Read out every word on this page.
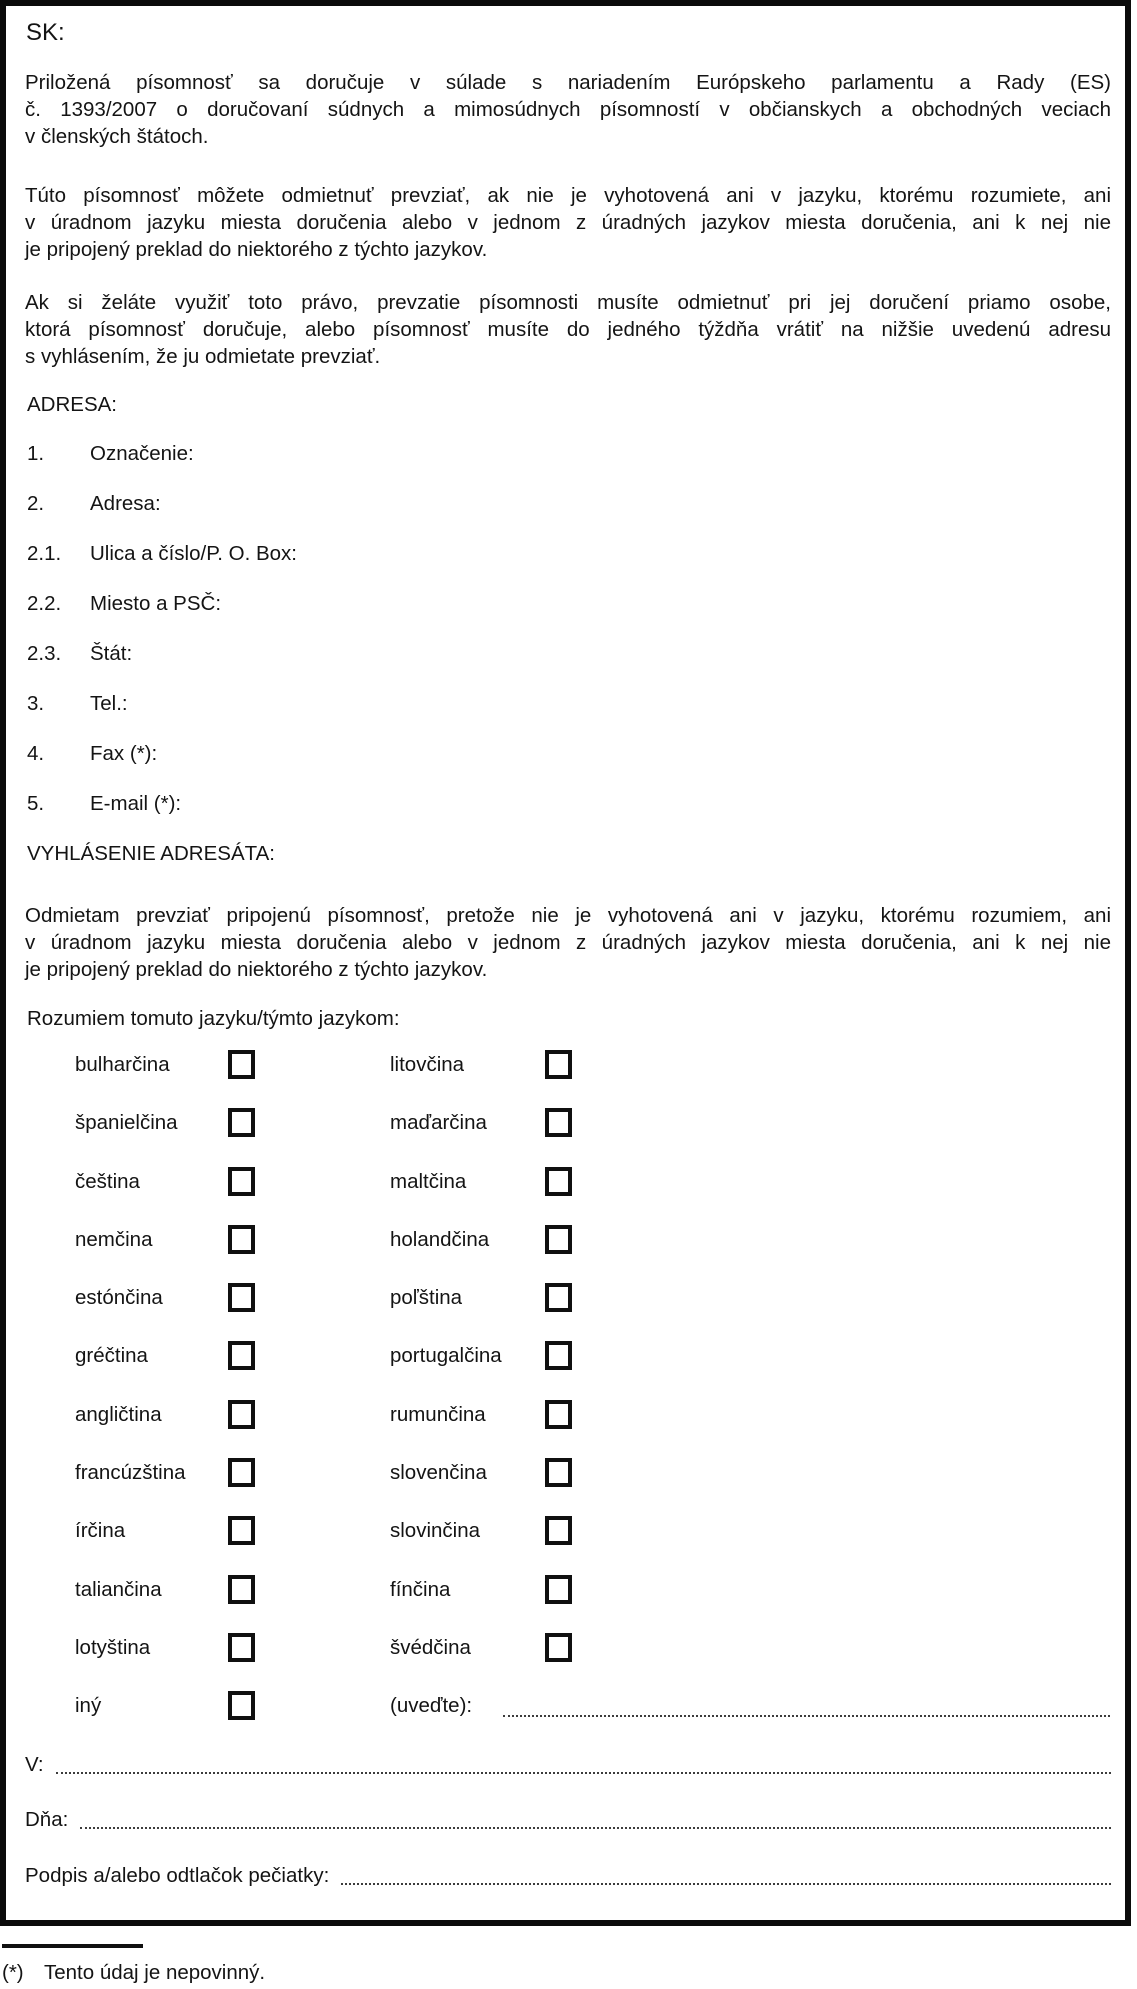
SK:
Priložená písomnosť sa doručuje v súlade s nariadením Európskeho parlamentu a Rady (ES)
č. 1393/2007 o doručovaní súdnych a mimosúdnych písomností v občianskych a obchodných veciach
v členských štátoch.
Túto písomnosť môžete odmietnuť prevziať, ak nie je vyhotovená ani v jazyku, ktorému rozumiete, ani
v úradnom jazyku miesta doručenia alebo v jednom z úradných jazykov miesta doručenia, ani k nej nie
je pripojený preklad do niektorého z týchto jazykov.
Ak si želáte využiť toto právo, prevzatie písomnosti musíte odmietnuť pri jej doručení priamo osobe,
ktorá písomnosť doručuje, alebo písomnosť musíte do jedného týždňa vrátiť na nižšie uvedenú adresu
s vyhlásením, že ju odmietate prevziať.
ADRESA:
1. Označenie:
2. Adresa:
2.1. Ulica a číslo/P. O. Box:
2.2. Miesto a PSČ:
2.3. Štát:
3. Tel.:
4. Fax (*):
5. E-mail (*):
VYHLÁSENIE ADRESÁTA:
Odmietam prevziať pripojenú písomnosť, pretože nie je vyhotovená ani v jazyku, ktorému rozumiem, ani
v úradnom jazyku miesta doručenia alebo v jednom z úradných jazykov miesta doručenia, ani k nej nie
je pripojený preklad do niektorého z týchto jazykov.
Rozumiem tomuto jazyku/týmto jazykom:
bulharčina	litovčina
španielčina	maďarčina
čeština	maltčina
nemčina	holandčina
estónčina	poľština
gréčtina	portugalčina
angličtina	rumunčina
francúzština	slovenčina
írčina	slovinčina
taliančina	fínčina
lotyština	švédčina
iný	(uveďte):
V:
Dňa:
Podpis a/alebo odtlačok pečiatky:
(*) Tento údaj je nepovinný.
